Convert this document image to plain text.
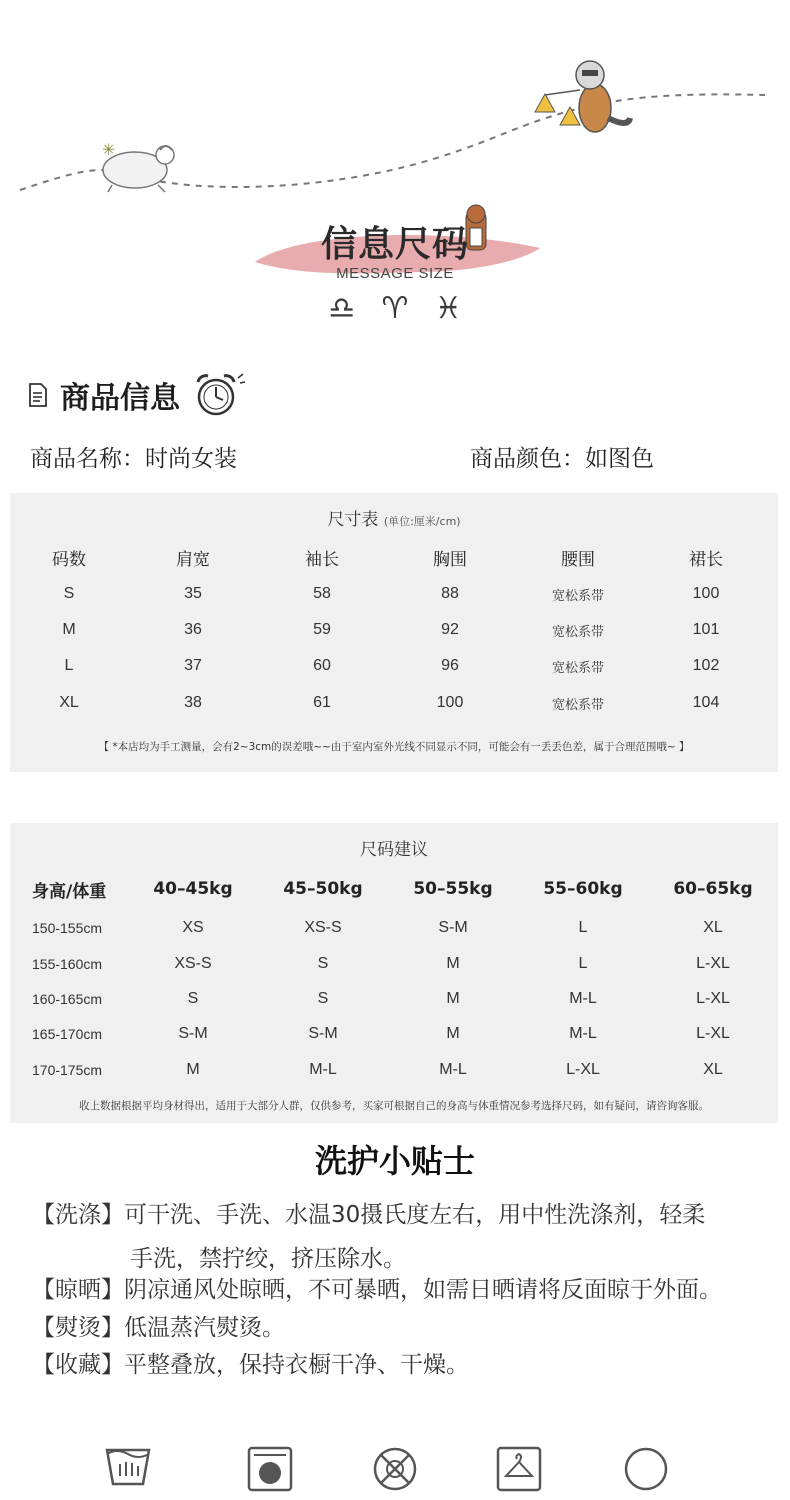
✳
信息尺码
MESSAGE SIZE
♎ ♈ ♓
商品信息
商品名称：时尚女装	商品颜色：如图色
尺寸表 (单位:厘米/cm)
码数	肩宽	袖长	胸围	腰围	裙长
S	35	58	88	宽松系带	100
M	36	59	92	宽松系带	101
L	37	60	96	宽松系带	102
XL	38	61	100	宽松系带	104
【 *本店均为手工测量，会有2~3cm的误差哦~~由于室内室外光线不同显示不同，可能会有一丢丢色差，属于合理范围哦~ 】
尺码建议
身高/体重	40–45kg	45–50kg	50–55kg	55–60kg	60–65kg
150-155cm	XS	XS-S	S-M	L	XL
155-160cm	XS-S	S	M	L	L-XL
160-165cm	S	S	M	M-L	L-XL
165-170cm	S-M	S-M	M	M-L	L-XL
170-175cm	M	M-L	M-L	L-XL	XL
收上数据根据平均身材得出，适用于大部分人群，仅供参考，买家可根据自己的身高与体重情况参考选择尺码，如有疑问，请咨询客服。
洗护小贴士
【洗涤】可干洗、手洗、水温30摄氏度左右，用中性洗涤剂，轻柔
手洗，禁拧绞，挤压除水。
【晾晒】阴凉通风处晾晒，不可暴晒，如需日晒请将反面晾于外面。
【熨烫】低温蒸汽熨烫。
【收藏】平整叠放，保持衣橱干净、干燥。
